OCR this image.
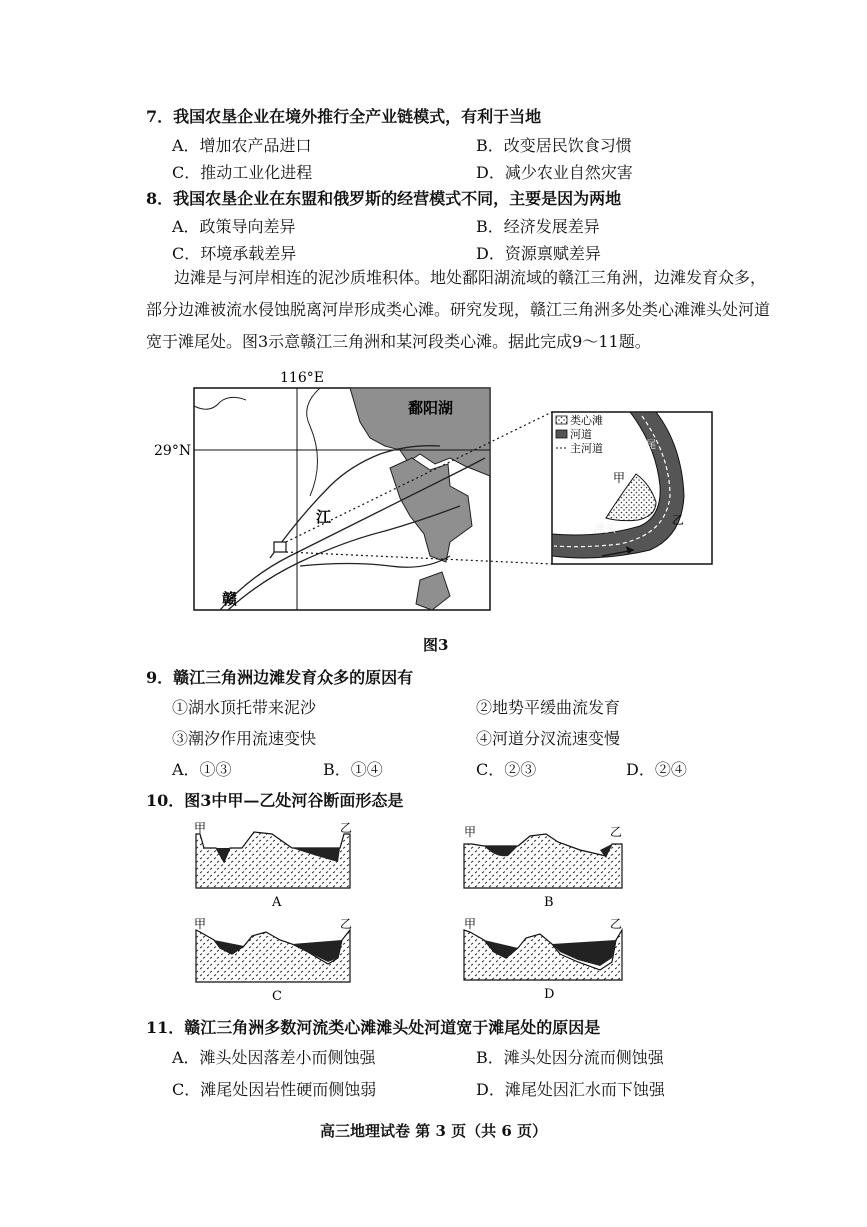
7．我国农垦企业在境外推行全产业链模式，有利于当地
A．增加农产品进口	B．改变居民饮食习惯
C．推动工业化进程	D．减少农业自然灾害
8．我国农垦企业在东盟和俄罗斯的经营模式不同，主要是因为两地
A．政策导向差异	B．经济发展差异
C．环境承载差异	D．资源禀赋差异
边滩是与河岸相连的泥沙质堆积体。地处鄱阳湖流域的赣江三角洲，边滩发育众多，
部分边滩被流水侵蚀脱离河岸形成类心滩。研究发现，赣江三角洲多处类心滩滩头处河道
宽于滩尾处。图3示意赣江三角洲和某河段类心滩。据此完成9～11题。
116°E
29°N
鄱阳湖
江
赣
类心滩
河道
主河道
甲
乙
滩头
尾
图3
9．赣江三角洲边滩发育众多的原因有
①湖水顶托带来泥沙	②地势平缓曲流发育
③潮汐作用流速变快	④河道分汊流速变慢
A．①③	B．①④	C．②③	D．②④
10．图3中甲—乙处河谷断面形态是
甲	乙
A
甲	乙
B
甲	乙
C
甲	乙
D
11．赣江三角洲多数河流类心滩滩头处河道宽于滩尾处的原因是
A．滩头处因落差小而侧蚀强	B．滩头处因分流而侧蚀强
C．滩尾处因岩性硬而侧蚀弱	D．滩尾处因汇水而下蚀强
高三地理试卷 第 3 页（共 6 页）
